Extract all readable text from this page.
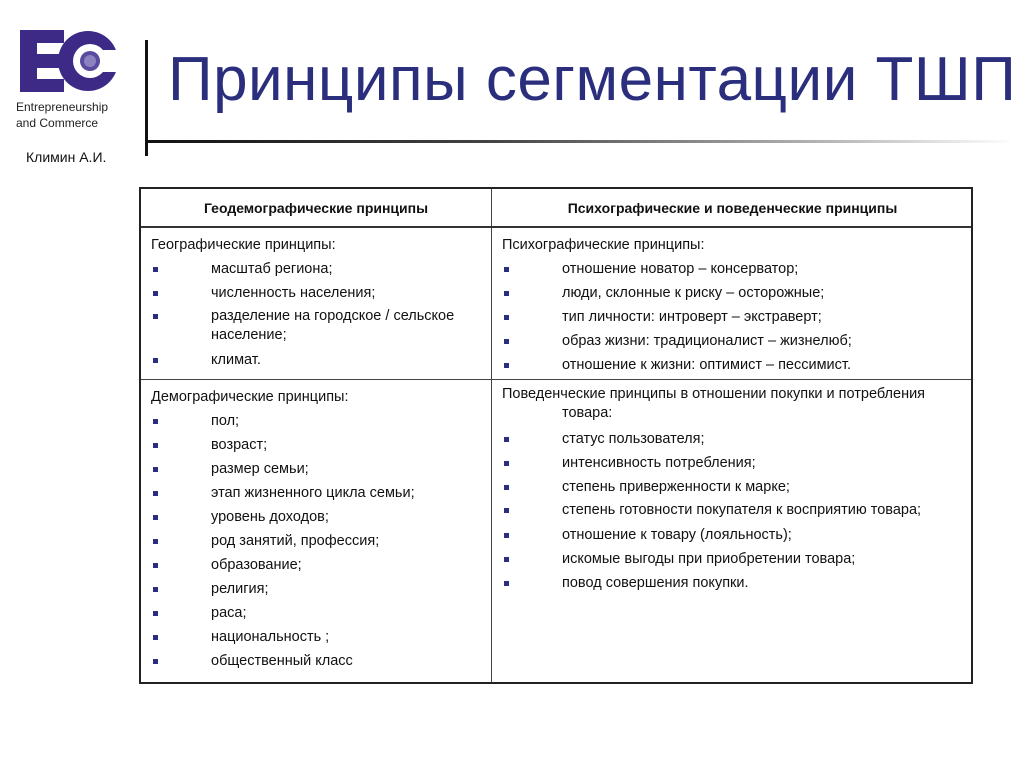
Entrepreneurship
and Commerce
Климин А.И.
Принципы сегментации ТШП
Геодемографические принципы	Психографические и поведенческие принципы

Географические принципы:

масштаб региона;
численность населения;
разделение на городское / сельское население;
климат.

Психографические принципы:

отношение новатор – консерватор;
люди, склонные к риску – осторожные;
тип личности: интроверт – экстраверт;
образ жизни: традиционалист – жизнелюб;
отношение к жизни: оптимист – пессимист.

Демографические принципы:

пол;
возраст;
размер семьи;
этап жизненного цикла семьи;
уровень доходов;
род занятий, профессия;
образование;
религия;
раса;
национальность ;
общественный класс

Поведенческие принципы в отношении покупки и потребления товара:

статус пользователя;
интенсивность потребления;
степень приверженности к марке;
степень готовности покупателя к восприятию товара;
отношение к товару (лояльность);
искомые выгоды при приобретении товара;
повод совершения покупки.
